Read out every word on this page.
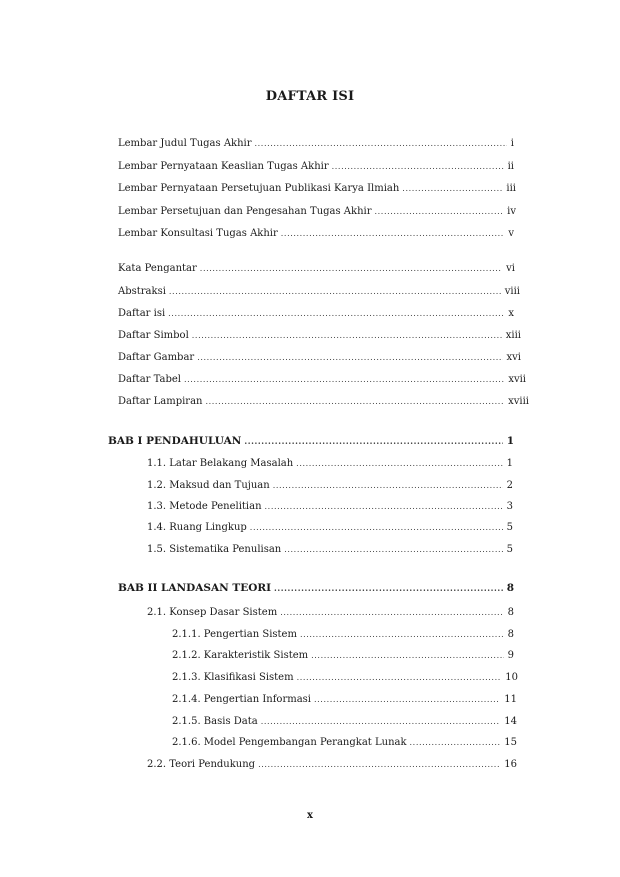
DAFTAR ISI
Lembar Judul Tugas Akhir .....	i
Lembar Pernyataan Keaslian Tugas Akhir .....	ii
Lembar Pernyataan Persetujuan Publikasi Karya Ilmiah .....	iii
Lembar Persetujuan dan Pengesahan Tugas Akhir .....	iv
Lembar Konsultasi Tugas Akhir .....	v
Kata Pengantar .....	vi
Abstraksi .....	viii
Daftar isi .....	x
Daftar Simbol .....	xiii
Daftar Gambar .....	xvi
Daftar Tabel .....	xvii
Daftar Lampiran .....	xviii
BAB I PENDAHULUAN .....	1
1.1. Latar Belakang Masalah .....	1
1.2. Maksud dan Tujuan .....	2
1.3. Metode Penelitian .....	3
1.4. Ruang Lingkup .....	5
1.5. Sistematika Penulisan .....	5
BAB II LANDASAN TEORI .....	8
2.1. Konsep Dasar Sistem .....	8
2.1.1. Pengertian Sistem .....	8
2.1.2. Karakteristik Sistem .....	9
2.1.3. Klasifikasi Sistem .....	10
2.1.4. Pengertian Informasi .....	11
2.1.5. Basis Data .....	14
2.1.6. Model Pengembangan Perangkat Lunak .....	15
2.2. Teori Pendukung .....	16
x
